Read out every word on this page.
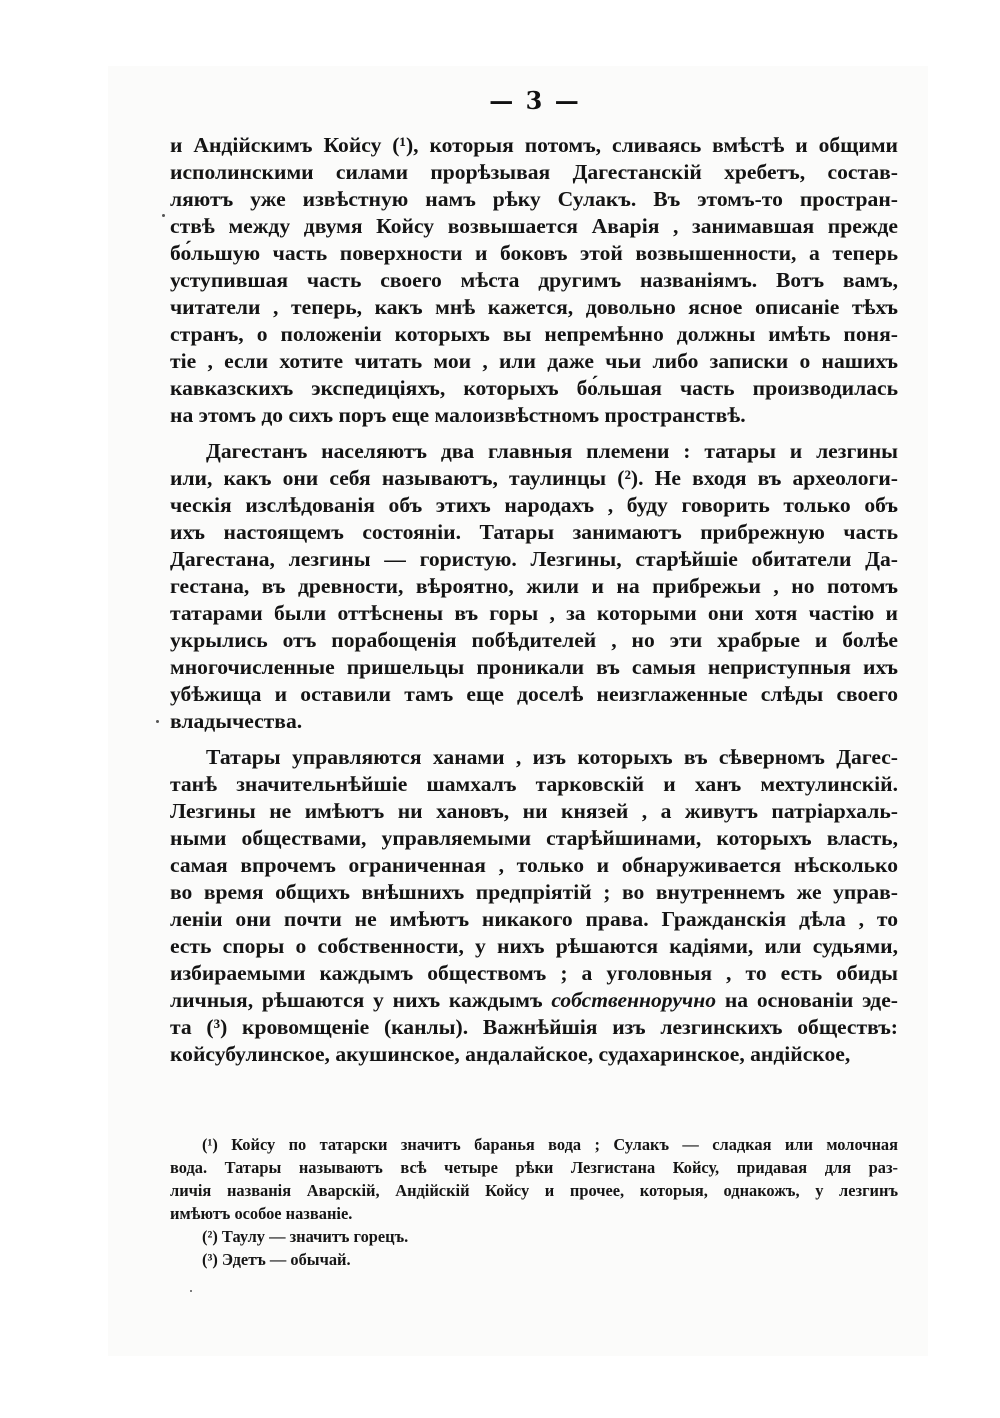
— 3 —
и Андійскимъ Койсу (¹), которыя потомъ, сливаясь вмѣстѣ и общими
исполинскими силами прорѣзывая Дагестанскій хребетъ, состав-
ляютъ уже извѣстную намъ рѣку Сулакъ. Въ этомъ-то простран-
ствѣ между двумя Койсу возвышается Аварія , занимавшая прежде
бо́льшую часть поверхности и боковъ этой возвышенности, а теперь
уступившая часть своего мѣста другимъ названіямъ. Вотъ вамъ,
читатели , теперь, какъ мнѣ кажется, довольно ясное описаніе тѣхъ
странъ, о положеніи которыхъ вы непремѣнно должны имѣть поня-
тіе , если хотите читать мои , или даже чьи либо записки о нашихъ
кавказскихъ экспедиціяхъ, которыхъ бо́льшая часть производилась
на этомъ до сихъ поръ еще малоизвѣстномъ пространствѣ.
Дагестанъ населяютъ два главныя племени : татары и лезгины
или, какъ они себя называютъ, таулинцы (²). Не входя въ археологи-
ческія изслѣдованія объ этихъ народахъ , буду говорить только объ
ихъ настоящемъ состояніи. Татары занимаютъ прибрежную часть
Дагестана, лезгины — гористую. Лезгины, старѣйшіе обитатели Да-
гестана, въ древности, вѣроятно, жили и на прибрежьи , но потомъ
татарами были оттѣснены въ горы , за которыми они хотя частію и
укрылись отъ порабощенія побѣдителей , но эти храбрые и болѣе
многочисленные пришельцы проникали въ самыя неприступныя ихъ
убѣжища и оставили тамъ еще доселѣ неизглаженные слѣды своего
владычества.
Татары управляются ханами , изъ которыхъ въ сѣверномъ Дагес-
танѣ значительнѣйшіе шамхалъ тарковскій и ханъ мехтулинскій.
Лезгины не имѣютъ ни хановъ, ни князей , а живутъ патріархаль-
ными обществами, управляемыми старѣйшинами, которыхъ власть,
самая впрочемъ ограниченная , только и обнаруживается нѣсколько
во время общихъ внѣшнихъ предпріятій ; во внутреннемъ же управ-
леніи они почти не имѣютъ никакого права. Гражданскія дѣла , то
есть споры о собственности, у нихъ рѣшаются кадіями, или судьями,
избираемыми каждымъ обществомъ ; а уголовныя , то есть обиды
личныя, рѣшаются у нихъ каждымъ собственноручно на основаніи эде-
та (³) кровомщеніе (канлы). Важнѣйшія изъ лезгинскихъ обществъ:
койсубулинское, акушинское, андалайское, судахаринское, андійское,
(¹) Койсу по татарски значитъ баранья вода ; Сулакъ — сладкая или молочная
вода. Татары называютъ всѣ четыре рѣки Лезгистана Койсу, придавая для раз-
личія названія Аварскій, Андійскій Койсу и прочее, которыя, однакожъ, у лезгинъ
имѣютъ особое названіе.
(²) Таулу — значитъ горецъ.
(³) Эдетъ — обычай.
